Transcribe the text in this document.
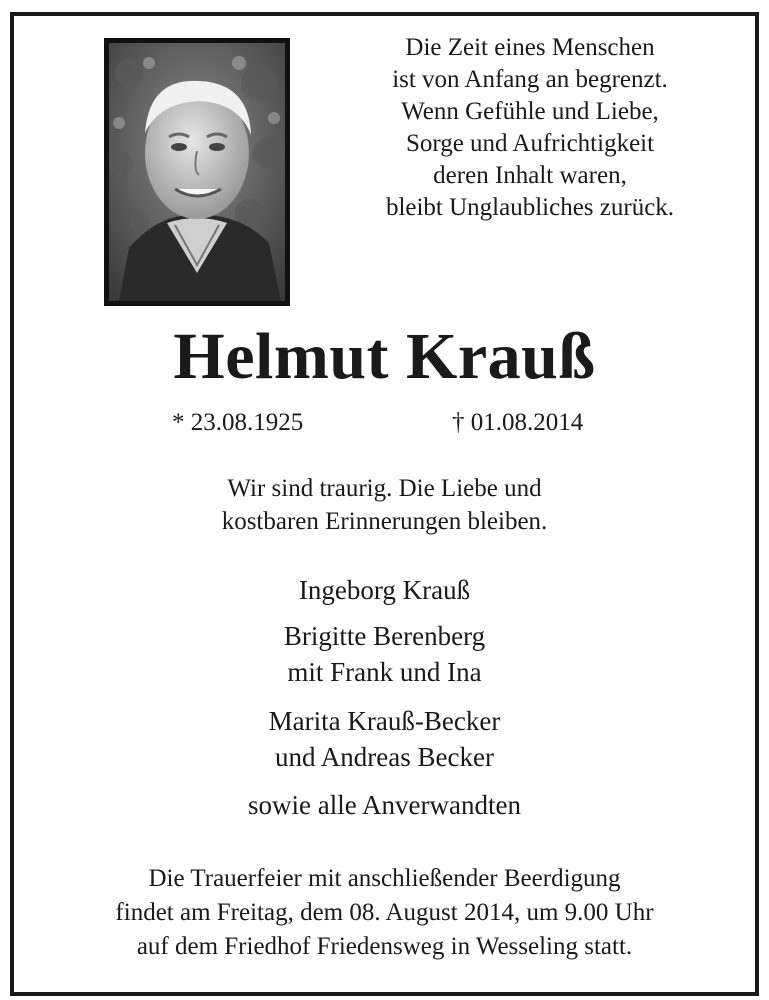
Die Zeit eines Menschen
ist von Anfang an begrenzt.
Wenn Gefühle und Liebe,
Sorge und Aufrichtigkeit
deren Inhalt waren,
bleibt Unglaubliches zurück.
Helmut Krauß
* 23.08.1925	† 01.08.2014
Wir sind traurig. Die Liebe und
kostbaren Erinnerungen bleiben.
Ingeborg Krauß
Brigitte Berenberg
mit Frank und Ina
Marita Krauß-Becker
und Andreas Becker
sowie alle Anverwandten
Die Trauerfeier mit anschließender Beerdigung
findet am Freitag, dem 08. August 2014, um 9.00 Uhr
auf dem Friedhof Friedensweg in Wesseling statt.
